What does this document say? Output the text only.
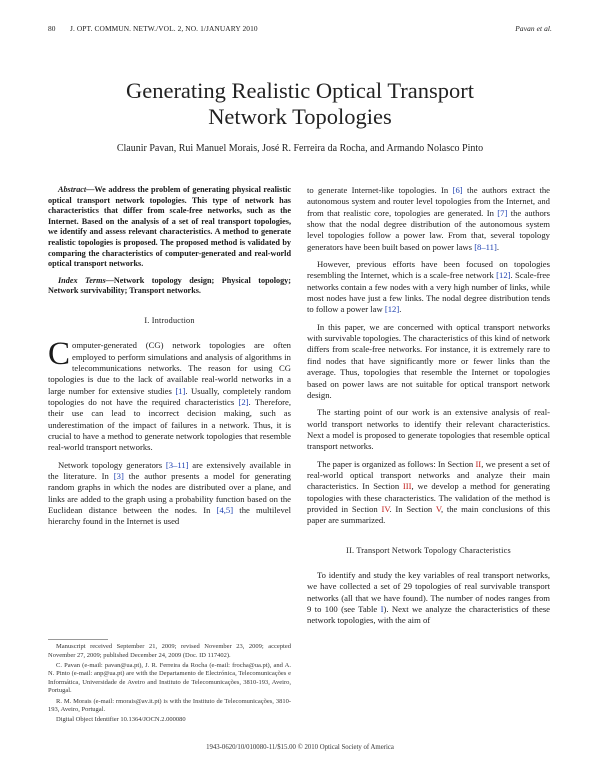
80 J. OPT. COMMUN. NETW./VOL. 2, NO. 1/JANUARY 2010	Pavan et al.
Generating Realistic Optical Transport
Network Topologies
Claunir Pavan, Rui Manuel Morais, José R. Ferreira da Rocha, and Armando Nolasco Pinto
Abstract—We address the problem of generating physical realistic optical transport network topologies. This type of network has characteristics that differ from scale-free networks, such as the Internet. Based on the analysis of a set of real transport topologies, we identify and assess relevant characteristics. A method to generate realistic topologies is proposed. The proposed method is validated by comparing the characteristics of computer-generated and real-world optical transport networks.
Index Terms—Network topology design; Physical topology; Network survivability; Transport networks.
I. Introduction

Computer-generated (CG) network topologies are often employed to perform simulations and analysis of algorithms in telecommunications networks. The reason for using CG topologies is due to the lack of available real-world networks in a large number for extensive studies [1]. Usually, completely random topologies do not have the required characteristics [2]. Therefore, their use can lead to incorrect decision making, such as underestimation of the impact of failures in a network. Thus, it is crucial to have a method to generate network topologies that resemble real-world transport networks.

Network topology generators [3–11] are extensively available in the literature. In [3] the author presents a model for generating random graphs in which the nodes are distributed over a plane, and links are added to the graph using a probability function based on the Euclidean distance between the nodes. In [4,5] the multilevel hierarchy found in the Internet is used

Manuscript received September 21, 2009; revised November 23, 2009; accepted November 27, 2009; published December 24, 2009 (Doc. ID 117402).

C. Pavan (e-mail: pavan@ua.pt), J. R. Ferreira da Rocha (e-mail: frocha@ua.pt), and A. N. Pinto (e-mail: anp@ua.pt) are with the Departamento de Electrónica, Telecomunicações e Informática, Universidade de Aveiro and Instituto de Telecomunicações, 3810-193, Aveiro, Portugal.

R. M. Morais (e-mail: rmorais@av.it.pt) is with the Instituto de Telecomunicações, 3810-193, Aveiro, Portugal.

Digital Object Identifier 10.1364/JOCN.2.000080

to generate Internet-like topologies. In [6] the authors extract the autonomous system and router level topologies from the Internet, and from that realistic core, topologies are generated. In [7] the authors show that the nodal degree distribution of the autonomous system level topologies follow a power law. From that, several topology generators have been built based on power laws [8–11].

However, previous efforts have been focused on topologies resembling the Internet, which is a scale-free network [12]. Scale-free networks contain a few nodes with a very high number of links, while most nodes have just a few links. The nodal degree distribution tends to follow a power law [12].

In this paper, we are concerned with optical transport networks with survivable topologies. The characteristics of this kind of network differs from scale-free networks. For instance, it is extremely rare to find nodes that have significantly more or fewer links than the average. Thus, topologies that resemble the Internet or topologies based on power laws are not suitable for optical transport network design.

The starting point of our work is an extensive analysis of real-world transport networks to identify their relevant characteristics. Next a model is proposed to generate topologies that resemble optical transport networks.

The paper is organized as follows: In Section II, we present a set of real-world optical transport networks and analyze their main characteristics. In Section III, we develop a method for generating topologies with these characteristics. The validation of the method is provided in Section IV. In Section V, the main conclusions of this paper are summarized.

II. Transport Network Topology Characteristics

To identify and study the key variables of real transport networks, we have collected a set of 29 topologies of real survivable transport networks (all that we have found). The number of nodes ranges from 9 to 100 (see Table I). Next we analyze the characteristics of these network topologies, with the aim of

1943-0620/10/010080-11/$15.00 © 2010 Optical Society of America
